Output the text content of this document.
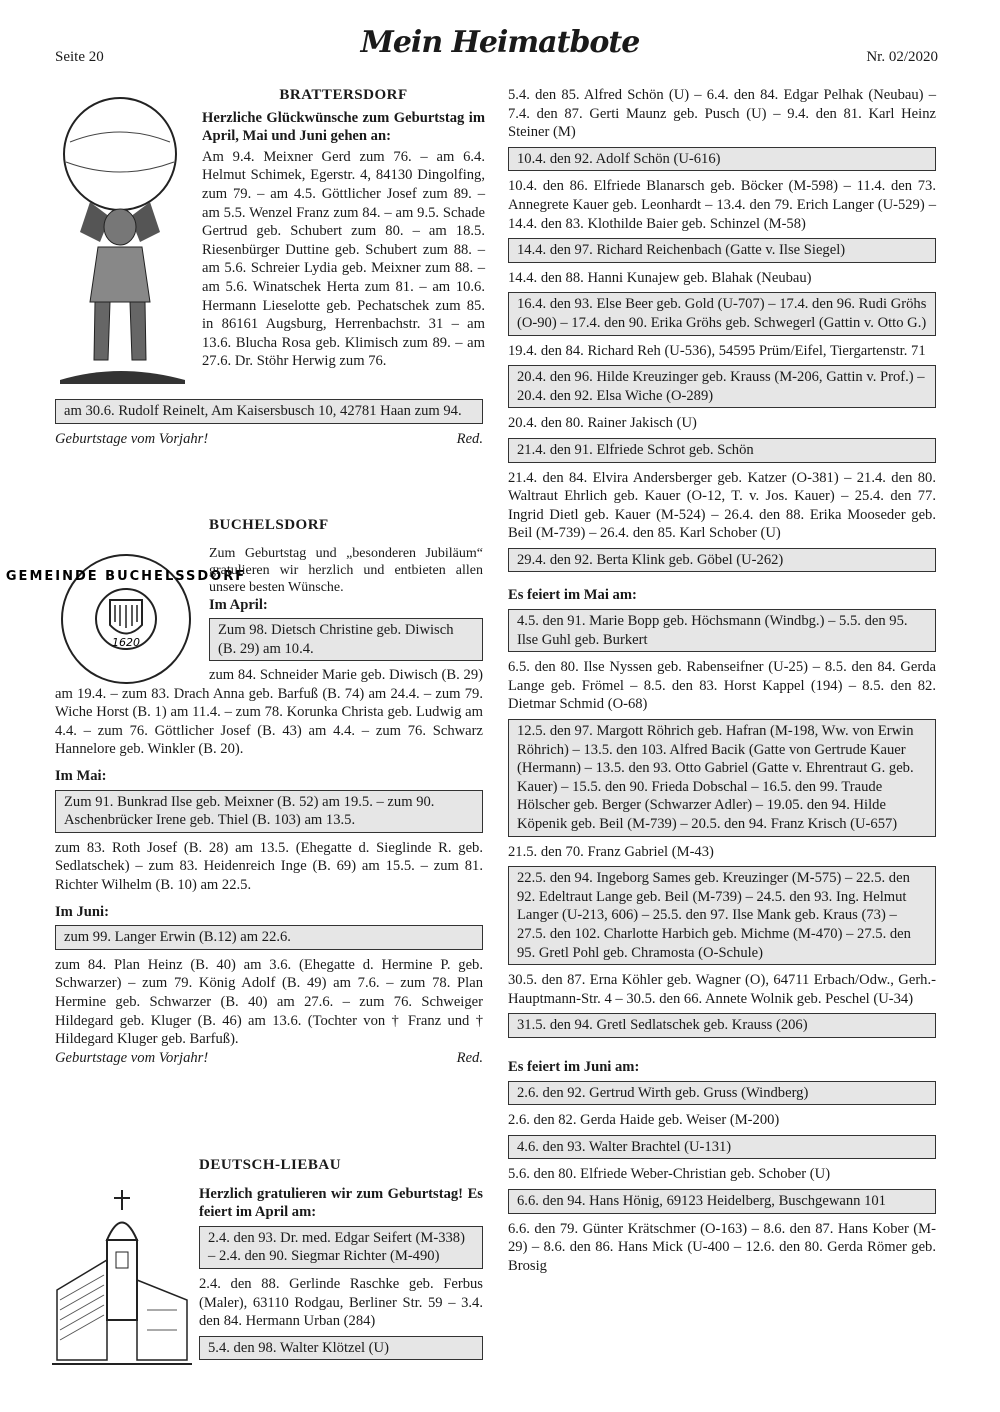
Seite 20	Mein Heimatbote	Nr. 02/2020
BRATTERSDORF

Herzliche Glückwünsche zum Geburtstag im April, Mai und Juni gehen an:

Am 9.4. Meixner Gerd zum 76. – am 6.4. Helmut Schimek, Egerstr. 4, 84130 Dingolfing, zum 79. – am 4.5. Göttlicher Josef zum 89. – am 5.5. Wenzel Franz zum 84. – am 9.5. Schade Gertrud geb. Schubert zum 80. – am 18.5. Riesenbürger Duttine geb. Schubert zum 88. – am 5.6. Schreier Lydia geb. Meixner zum 88. – am 5.6. Winatschek Herta zum 81. – am 10.6. Hermann Lieselotte geb. Pechatschek zum 85. in 86161 Augsburg, Herrenbachstr. 31 – am 13.6. Blucha Rosa geb. Klimisch zum 89. – am 27.6. Dr. Stöhr Herwig zum 76.

am 30.6. Rudolf Reinelt, Am Kaisersbusch 10, 42781 Haan zum 94.
Geburtstage vom Vorjahr!	Red.
1620
GEMEINDE BUCHELSSDORF
BUCHELSDORF

Zum Geburtstag und „besonderen Jubiläum“ gratulieren wir herzlich und entbieten allen unsere besten Wünsche.

Im April:
Zum 98. Dietsch Christine geb. Diwisch (B. 29) am 10.4.

zum 84. Schneider Marie geb. Diwisch (B. 29) am 19.4. – zum 83. Drach Anna geb. Barfuß (B. 74) am 24.4. – zum 79. Wiche Horst (B. 1) am 11.4. – zum 78. Korunka Christa geb. Ludwig am 4.4. – zum 76. Göttlicher Josef (B. 43) am 4.4. – zum 76. Schwarz Hannelore geb. Winkler (B. 20).

Im Mai:
Zum 91. Bunkrad Ilse geb. Meixner (B. 52) am 19.5. – zum 90. Aschenbrücker Irene geb. Thiel (B. 103) am 13.5.

zum 83. Roth Josef (B. 28) am 13.5. (Ehegatte d. Sieglinde R. geb. Sedlatschek) – zum 83. Heidenreich Inge (B. 69) am 15.5. – zum 81. Richter Wilhelm (B. 10) am 22.5.

Im Juni:
zum 99. Langer Erwin (B.12) am 22.6.

zum 84. Plan Heinz (B. 40) am 3.6. (Ehegatte d. Hermine P. geb. Schwarzer) – zum 79. König Adolf (B. 49) am 7.6. – zum 78. Plan Hermine geb. Schwarzer (B. 40) am 27.6. – zum 76. Schweiger Hildegard geb. Kluger (B. 46) am 13.6. (Tochter von † Franz und † Hildegard Kluger geb. Barfuß).

Geburtstage vom Vorjahr!	Red.
DEUTSCH-LIEBAU

Herzlich gratulieren wir zum Geburtstag! Es feiert im April am:

2.4. den 93. Dr. med. Edgar Seifert (M-338) – 2.4. den 90. Siegmar Richter (M-490)

2.4. den 88. Gerlinde Raschke geb. Ferbus (Maler), 63110 Rodgau, Berliner Str. 59 – 3.4. den 84. Hermann Urban (284)

5.4. den 98. Walter Klötzel (U)

5.4. den 85. Alfred Schön (U) – 6.4. den 84. Edgar Pelhak (Neubau) – 7.4. den 87. Gerti Maunz geb. Pusch (U) – 9.4. den 81. Karl Heinz Steiner (M)

10.4. den 92. Adolf Schön (U-616)

10.4. den 86. Elfriede Blanarsch geb. Böcker (M-598) – 11.4. den 73. Annegrete Kauer geb. Leonhardt – 13.4. den 79. Erich Langer (U-529) – 14.4. den 83. Klothilde Baier geb. Schinzel (M-58)

14.4. den 97. Richard Reichenbach (Gatte v. Ilse Siegel)

14.4. den 88. Hanni Kunajew geb. Blahak (Neubau)

16.4. den 93. Else Beer geb. Gold (U-707) – 17.4. den 96. Rudi Gröhs (O-90) – 17.4. den 90. Erika Gröhs geb. Schwegerl (Gattin v. Otto G.)

19.4. den 84. Richard Reh (U-536), 54595 Prüm/Eifel, Tiergartenstr. 71

20.4. den 96. Hilde Kreuzinger geb. Krauss (M-206, Gattin v. Prof.) – 20.4. den 92. Elsa Wiche (O-289)

20.4. den 80. Rainer Jakisch (U)

21.4. den 91. Elfriede Schrot geb. Schön

21.4. den 84. Elvira Andersberger geb. Katzer (O-381) – 21.4. den 80. Waltraut Ehrlich geb. Kauer (O-12, T. v. Jos. Kauer) – 25.4. den 77. Ingrid Dietl geb. Kauer (M-524) – 26.4. den 88. Erika Mooseder geb. Beil (M-739) – 26.4. den 85. Karl Schober (U)

29.4. den 92. Berta Klink geb. Göbel (U-262)
Es feiert im Mai am:
4.5. den 91. Marie Bopp geb. Höchsmann (Windbg.) – 5.5. den 95. Ilse Guhl geb. Burkert

6.5. den 80. Ilse Nyssen geb. Rabenseifner (U-25) – 8.5. den 84. Gerda Lange geb. Frömel – 8.5. den 83. Horst Kappel (194) – 8.5. den 82. Dietmar Schmid (O-68)

12.5. den 97. Margott Röhrich geb. Hafran (M-198, Ww. von Erwin Röhrich) – 13.5. den 103. Alfred Bacik (Gatte von Gertrude Kauer (Hermann) – 13.5. den 93. Otto Gabriel (Gatte v. Ehrentraut G. geb. Kauer) – 15.5. den 90. Frieda Dobschal – 16.5. den 99. Traude Hölscher geb. Berger (Schwarzer Adler) – 19.05. den 94. Hilde Köpenik geb. Beil (M-739) – 20.5. den 94. Franz Krisch (U-657)

21.5. den 70. Franz Gabriel (M-43)

22.5. den 94. Ingeborg Sames geb. Kreuzinger (M-575) – 22.5. den 92. Edeltraut Lange geb. Beil (M-739) – 24.5. den 93. Ing. Helmut Langer (U-213, 606) – 25.5. den 97. Ilse Mank geb. Kraus (73) – 27.5. den 102. Charlotte Harbich geb. Michme (M-470) – 27.5. den 95. Gretl Pohl geb. Chramosta (O-Schule)

30.5. den 87. Erna Köhler geb. Wagner (O), 64711 Erbach/Odw., Gerh.-Hauptmann-Str. 4 – 30.5. den 66. Annete Wolnik geb. Peschel (U-34)

31.5. den 94. Gretl Sedlatschek geb. Krauss (206)
Es feiert im Juni am:
2.6. den 92. Gertrud Wirth geb. Gruss (Windberg)

2.6. den 82. Gerda Haide geb. Weiser (M-200)

4.6. den 93. Walter Brachtel (U-131)

5.6. den 80. Elfriede Weber-Christian geb. Schober (U)

6.6. den 94. Hans Hönig, 69123 Heidelberg, Buschgewann 101

6.6. den 79. Günter Krätschmer (O-163) – 8.6. den 87. Hans Kober (M-29) – 8.6. den 86. Hans Mick (U-400 – 12.6. den 80. Gerda Römer geb. Brosig
